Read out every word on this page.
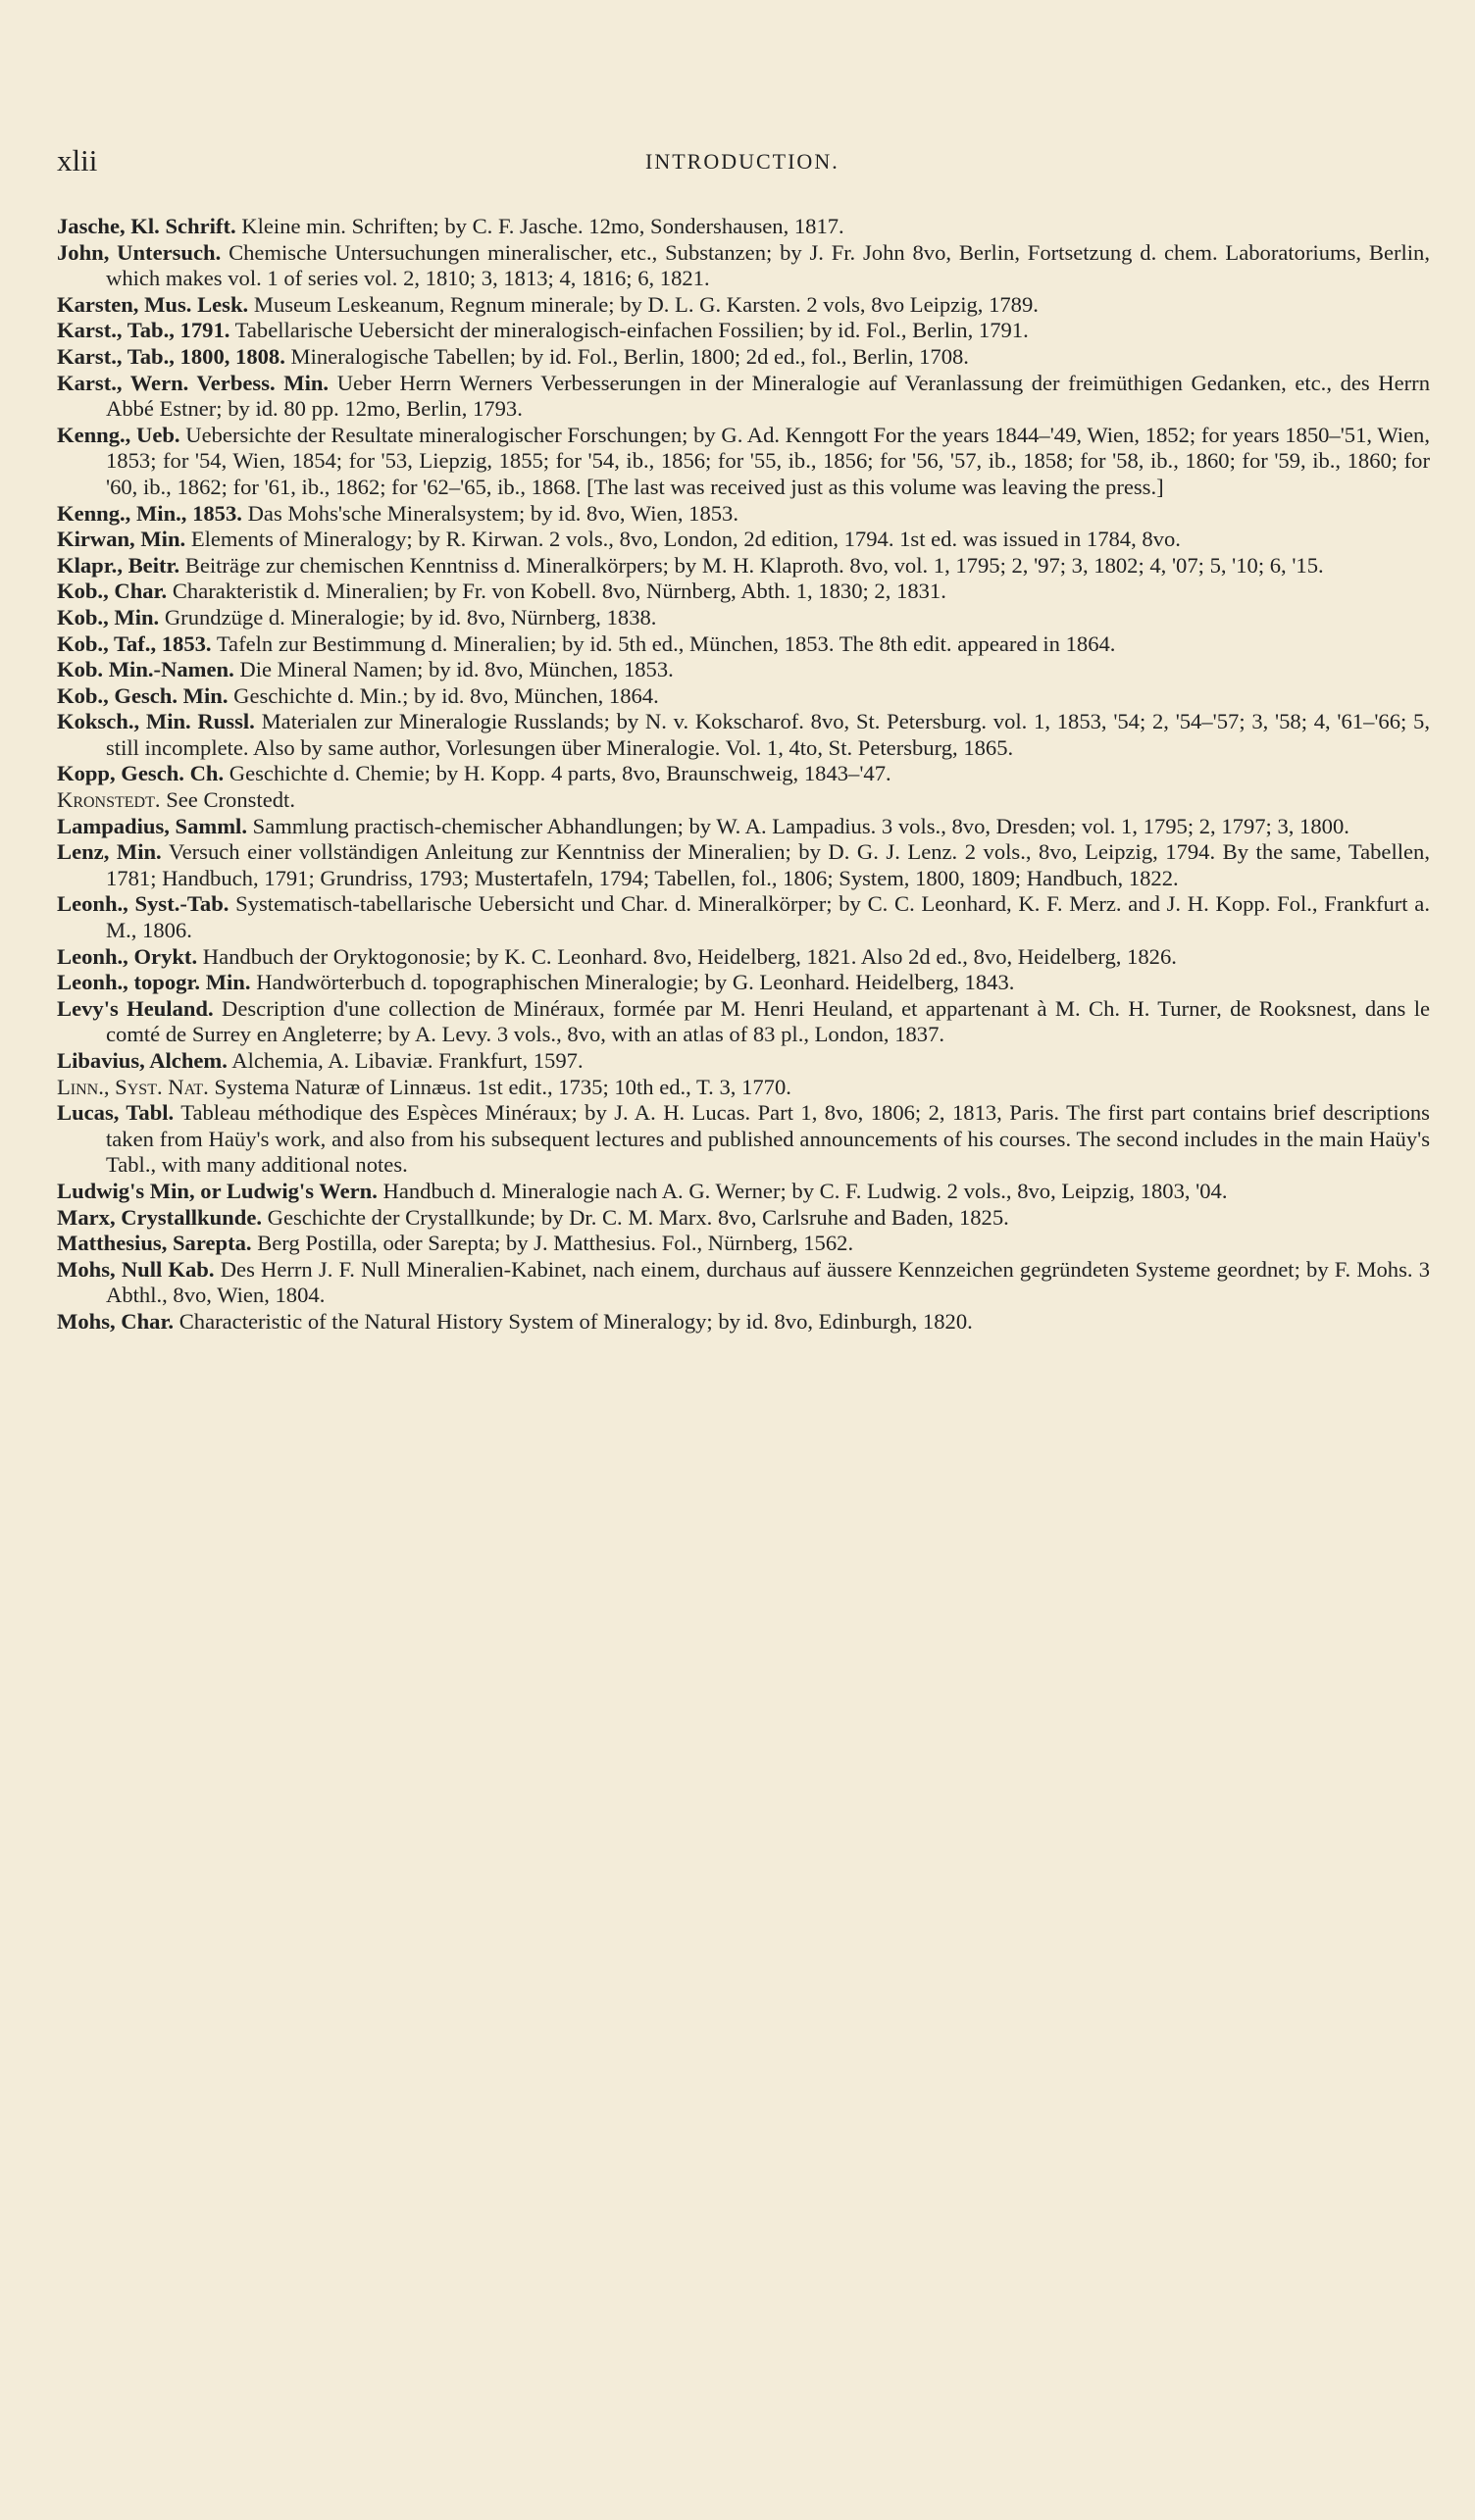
xlii	INTRODUCTION.
Jasche, Kl. Schrift. Kleine min. Schriften; by C. F. Jasche. 12mo, Sondershausen, 1817.
John, Untersuch. Chemische Untersuchungen mineralischer, etc., Substanzen; by J. Fr. John 8vo, Berlin, Fortsetzung d. chem. Laboratoriums, Berlin, which makes vol. 1 of series vol. 2, 1810; 3, 1813; 4, 1816; 6, 1821.
Karsten, Mus. Lesk. Museum Leskeanum, Regnum minerale; by D. L. G. Karsten. 2 vols, 8vo Leipzig, 1789.
Karst., Tab., 1791. Tabellarische Uebersicht der mineralogisch-einfachen Fossilien; by id. Fol., Berlin, 1791.
Karst., Tab., 1800, 1808. Mineralogische Tabellen; by id. Fol., Berlin, 1800; 2d ed., fol., Berlin, 1708.
Karst., Wern. Verbess. Min. Ueber Herrn Werners Verbesserungen in der Mineralogie auf Veranlassung der freimüthigen Gedanken, etc., des Herrn Abbé Estner; by id. 80 pp. 12mo, Berlin, 1793.
Kenng., Ueb. Uebersichte der Resultate mineralogischer Forschungen; by G. Ad. Kenngott For the years 1844–'49, Wien, 1852; for years 1850–'51, Wien, 1853; for '54, Wien, 1854; for '53, Liepzig, 1855; for '54, ib., 1856; for '55, ib., 1856; for '56, '57, ib., 1858; for '58, ib., 1860; for '59, ib., 1860; for '60, ib., 1862; for '61, ib., 1862; for '62–'65, ib., 1868. [The last was received just as this volume was leaving the press.]
Kenng., Min., 1853. Das Mohs'sche Mineralsystem; by id. 8vo, Wien, 1853.
Kirwan, Min. Elements of Mineralogy; by R. Kirwan. 2 vols., 8vo, London, 2d edition, 1794. 1st ed. was issued in 1784, 8vo.
Klapr., Beitr. Beiträge zur chemischen Kenntniss d. Mineralkörpers; by M. H. Klaproth. 8vo, vol. 1, 1795; 2, '97; 3, 1802; 4, '07; 5, '10; 6, '15.
Kob., Char. Charakteristik d. Mineralien; by Fr. von Kobell. 8vo, Nürnberg, Abth. 1, 1830; 2, 1831.
Kob., Min. Grundzüge d. Mineralogie; by id. 8vo, Nürnberg, 1838.
Kob., Taf., 1853. Tafeln zur Bestimmung d. Mineralien; by id. 5th ed., München, 1853. The 8th edit. appeared in 1864.
Kob. Min.-Namen. Die Mineral Namen; by id. 8vo, München, 1853.
Kob., Gesch. Min. Geschichte d. Min.; by id. 8vo, München, 1864.
Koksch., Min. Russl. Materialen zur Mineralogie Russlands; by N. v. Kokscharof. 8vo, St. Petersburg. vol. 1, 1853, '54; 2, '54–'57; 3, '58; 4, '61–'66; 5, still incomplete. Also by same author, Vorlesungen über Mineralogie. Vol. 1, 4to, St. Petersburg, 1865.
Kopp, Gesch. Ch. Geschichte d. Chemie; by H. Kopp. 4 parts, 8vo, Braunschweig, 1843–'47.
Kronstedt. See Cronstedt.
Lampadius, Samml. Sammlung practisch-chemischer Abhandlungen; by W. A. Lampadius. 3 vols., 8vo, Dresden; vol. 1, 1795; 2, 1797; 3, 1800.
Lenz, Min. Versuch einer vollständigen Anleitung zur Kenntniss der Mineralien; by D. G. J. Lenz. 2 vols., 8vo, Leipzig, 1794. By the same, Tabellen, 1781; Handbuch, 1791; Grundriss, 1793; Mustertafeln, 1794; Tabellen, fol., 1806; System, 1800, 1809; Handbuch, 1822.
Leonh., Syst.-Tab. Systematisch-tabellarische Uebersicht und Char. d. Mineralkörper; by C. C. Leonhard, K. F. Merz. and J. H. Kopp. Fol., Frankfurt a. M., 1806.
Leonh., Orykt. Handbuch der Oryktogonosie; by K. C. Leonhard. 8vo, Heidelberg, 1821. Also 2d ed., 8vo, Heidelberg, 1826.
Leonh., topogr. Min. Handwörterbuch d. topographischen Mineralogie; by G. Leonhard. Heidelberg, 1843.
Levy's Heuland. Description d'une collection de Minéraux, formée par M. Henri Heuland, et appartenant à M. Ch. H. Turner, de Rooksnest, dans le comté de Surrey en Angleterre; by A. Levy. 3 vols., 8vo, with an atlas of 83 pl., London, 1837.
Libavius, Alchem. Alchemia, A. Libaviæ. Frankfurt, 1597.
Linn., Syst. Nat. Systema Naturæ of Linnæus. 1st edit., 1735; 10th ed., T. 3, 1770.
Lucas, Tabl. Tableau méthodique des Espèces Minéraux; by J. A. H. Lucas. Part 1, 8vo, 1806; 2, 1813, Paris. The first part contains brief descriptions taken from Haüy's work, and also from his subsequent lectures and published announcements of his courses. The second includes in the main Haüy's Tabl., with many additional notes.
Ludwig's Min, or Ludwig's Wern. Handbuch d. Mineralogie nach A. G. Werner; by C. F. Ludwig. 2 vols., 8vo, Leipzig, 1803, '04.
Marx, Crystallkunde. Geschichte der Crystallkunde; by Dr. C. M. Marx. 8vo, Carlsruhe and Baden, 1825.
Matthesius, Sarepta. Berg Postilla, oder Sarepta; by J. Matthesius. Fol., Nürnberg, 1562.
Mohs, Null Kab. Des Herrn J. F. Null Mineralien-Kabinet, nach einem, durchaus auf äussere Kennzeichen gegründeten Systeme geordnet; by F. Mohs. 3 Abthl., 8vo, Wien, 1804.
Mohs, Char. Characteristic of the Natural History System of Mineralogy; by id. 8vo, Edinburgh, 1820.
